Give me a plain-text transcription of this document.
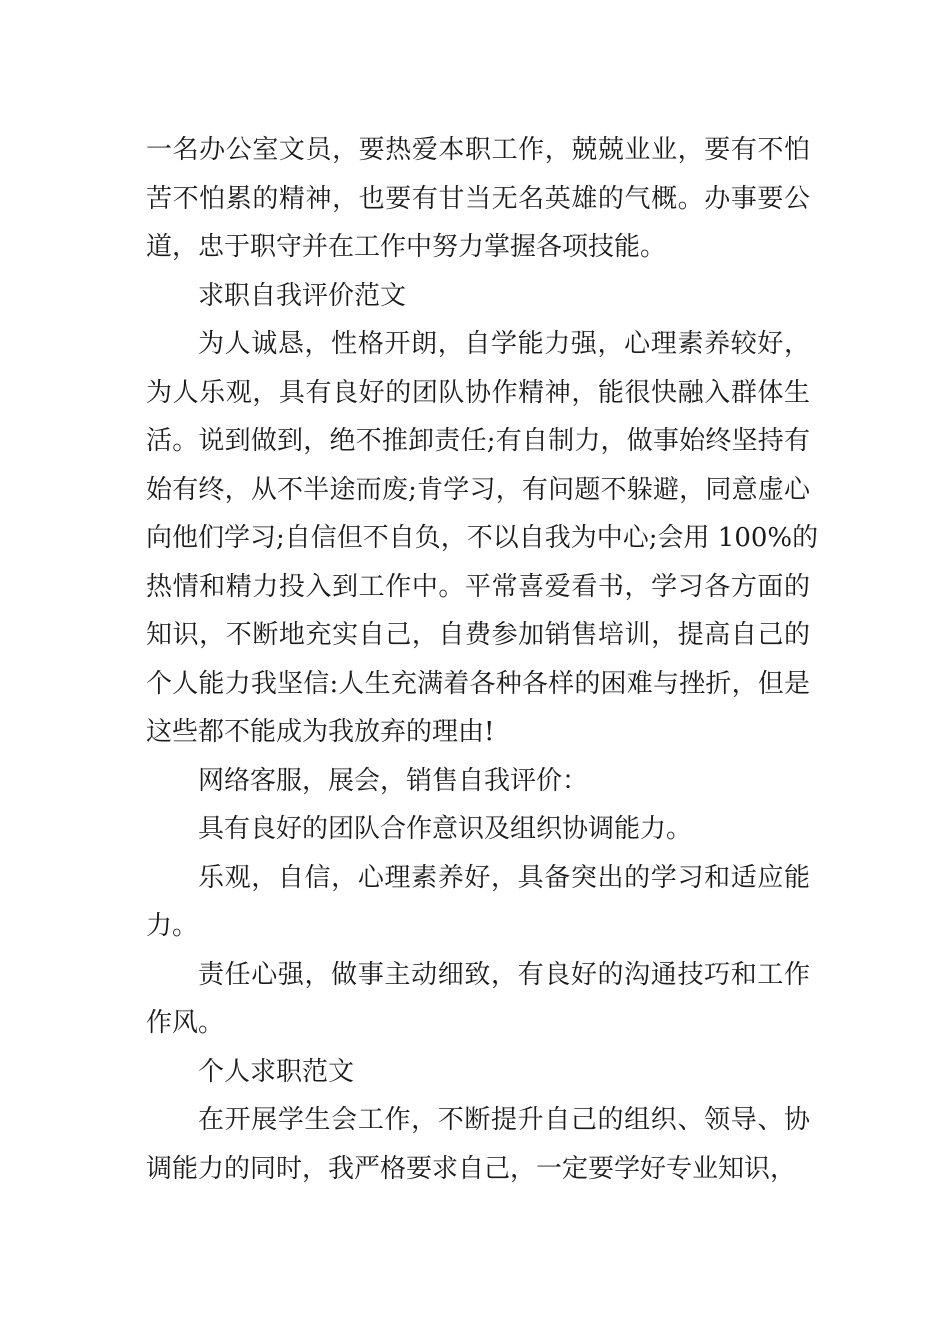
一名办公室文员，要热爱本职工作，兢兢业业，要有不怕
苦不怕累的精神，也要有甘当无名英雄的气概。办事要公
道，忠于职守并在工作中努力掌握各项技能。
求职自我评价范文
为人诚恳，性格开朗，自学能力强，心理素养较好，
为人乐观，具有良好的团队协作精神，能很快融入群体生
活。说到做到，绝不推卸责任;有自制力，做事始终坚持有
始有终，从不半途而废;肯学习，有问题不躲避，同意虚心
向他们学习;自信但不自负，不以自我为中心;会用 100%的
热情和精力投入到工作中。平常喜爱看书，学习各方面的
知识，不断地充实自己，自费参加销售培训，提高自己的
个人能力我坚信:人生充满着各种各样的困难与挫折，但是
这些都不能成为我放弃的理由!
网络客服，展会，销售自我评价：
具有良好的团队合作意识及组织协调能力。
乐观，自信，心理素养好，具备突出的学习和适应能
力。
责任心强，做事主动细致，有良好的沟通技巧和工作
作风。
个人求职范文
在开展学生会工作，不断提升自己的组织、领导、协
调能力的同时，我严格要求自己，一定要学好专业知识，
